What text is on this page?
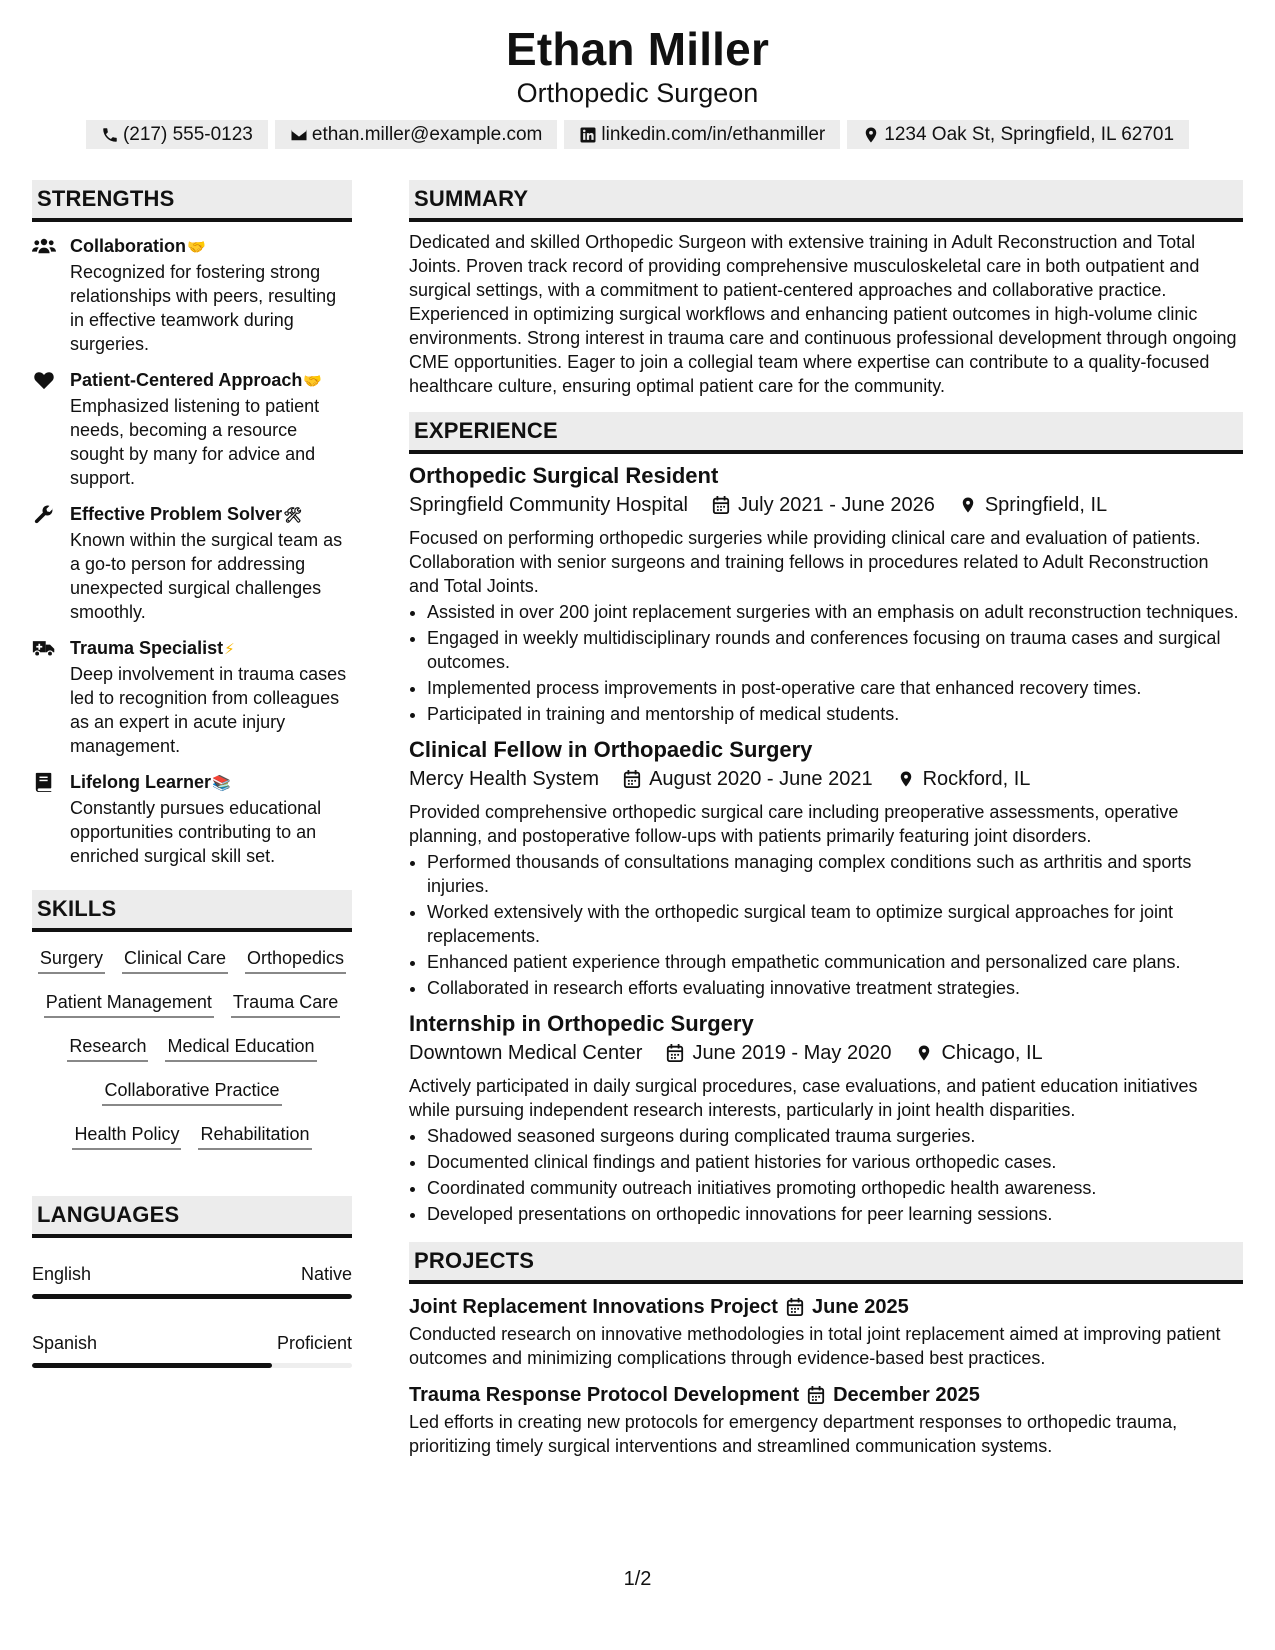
Ethan Miller
Orthopedic Surgeon
(217) 555-0123	ethan.miller@example.com	linkedin.com/in/ethanmiller	1234 Oak St, Springfield, IL 62701
STRENGTHS
Collaboration🤝
Recognized for fostering strong relationships with peers, resulting in effective teamwork during surgeries.
Patient-Centered Approach🤝
Emphasized listening to patient needs, becoming a resource sought by many for advice and support.
Effective Problem Solver🛠
Known within the surgical team as a go-to person for addressing unexpected surgical challenges smoothly.
Trauma Specialist⚡
Deep involvement in trauma cases led to recognition from colleagues as an expert in acute injury management.
Lifelong Learner📚
Constantly pursues educational opportunities contributing to an enriched surgical skill set.
SKILLS
Surgery Clinical Care Orthopedics
Patient Management Trauma Care
Research Medical Education
Collaborative Practice
Health Policy Rehabilitation
LANGUAGES
English	Native
Spanish	Proficient
SUMMARY
Dedicated and skilled Orthopedic Surgeon with extensive training in Adult Reconstruction and Total Joints. Proven track record of providing comprehensive musculoskeletal care in both outpatient and surgical settings, with a commitment to patient-centered approaches and collaborative practice. Experienced in optimizing surgical workflows and enhancing patient outcomes in high-volume clinic environments. Strong interest in trauma care and continuous professional development through ongoing CME opportunities. Eager to join a collegial team where expertise can contribute to a quality-focused healthcare culture, ensuring optimal patient care for the community.
EXPERIENCE
Orthopedic Surgical Resident
Springfield Community Hospital	July 2021 - June 2026	Springfield, IL
Focused on performing orthopedic surgeries while providing clinical care and evaluation of patients. Collaboration with senior surgeons and training fellows in procedures related to Adult Reconstruction and Total Joints.
• Assisted in over 200 joint replacement surgeries with an emphasis on adult reconstruction techniques.
• Engaged in weekly multidisciplinary rounds and conferences focusing on trauma cases and surgical outcomes.
• Implemented process improvements in post-operative care that enhanced recovery times.
• Participated in training and mentorship of medical students.
Clinical Fellow in Orthopaedic Surgery
Mercy Health System	August 2020 - June 2021	Rockford, IL
Provided comprehensive orthopedic surgical care including preoperative assessments, operative planning, and postoperative follow-ups with patients primarily featuring joint disorders.
• Performed thousands of consultations managing complex conditions such as arthritis and sports injuries.
• Worked extensively with the orthopedic surgical team to optimize surgical approaches for joint replacements.
• Enhanced patient experience through empathetic communication and personalized care plans.
• Collaborated in research efforts evaluating innovative treatment strategies.
Internship in Orthopedic Surgery
Downtown Medical Center	June 2019 - May 2020	Chicago, IL
Actively participated in daily surgical procedures, case evaluations, and patient education initiatives while pursuing independent research interests, particularly in joint health disparities.
• Shadowed seasoned surgeons during complicated trauma surgeries.
• Documented clinical findings and patient histories for various orthopedic cases.
• Coordinated community outreach initiatives promoting orthopedic health awareness.
• Developed presentations on orthopedic innovations for peer learning sessions.
PROJECTS
Joint Replacement Innovations Project June 2025
Conducted research on innovative methodologies in total joint replacement aimed at improving patient outcomes and minimizing complications through evidence-based best practices.
Trauma Response Protocol Development December 2025
Led efforts in creating new protocols for emergency department responses to orthopedic trauma, prioritizing timely surgical interventions and streamlined communication systems.
1/2
